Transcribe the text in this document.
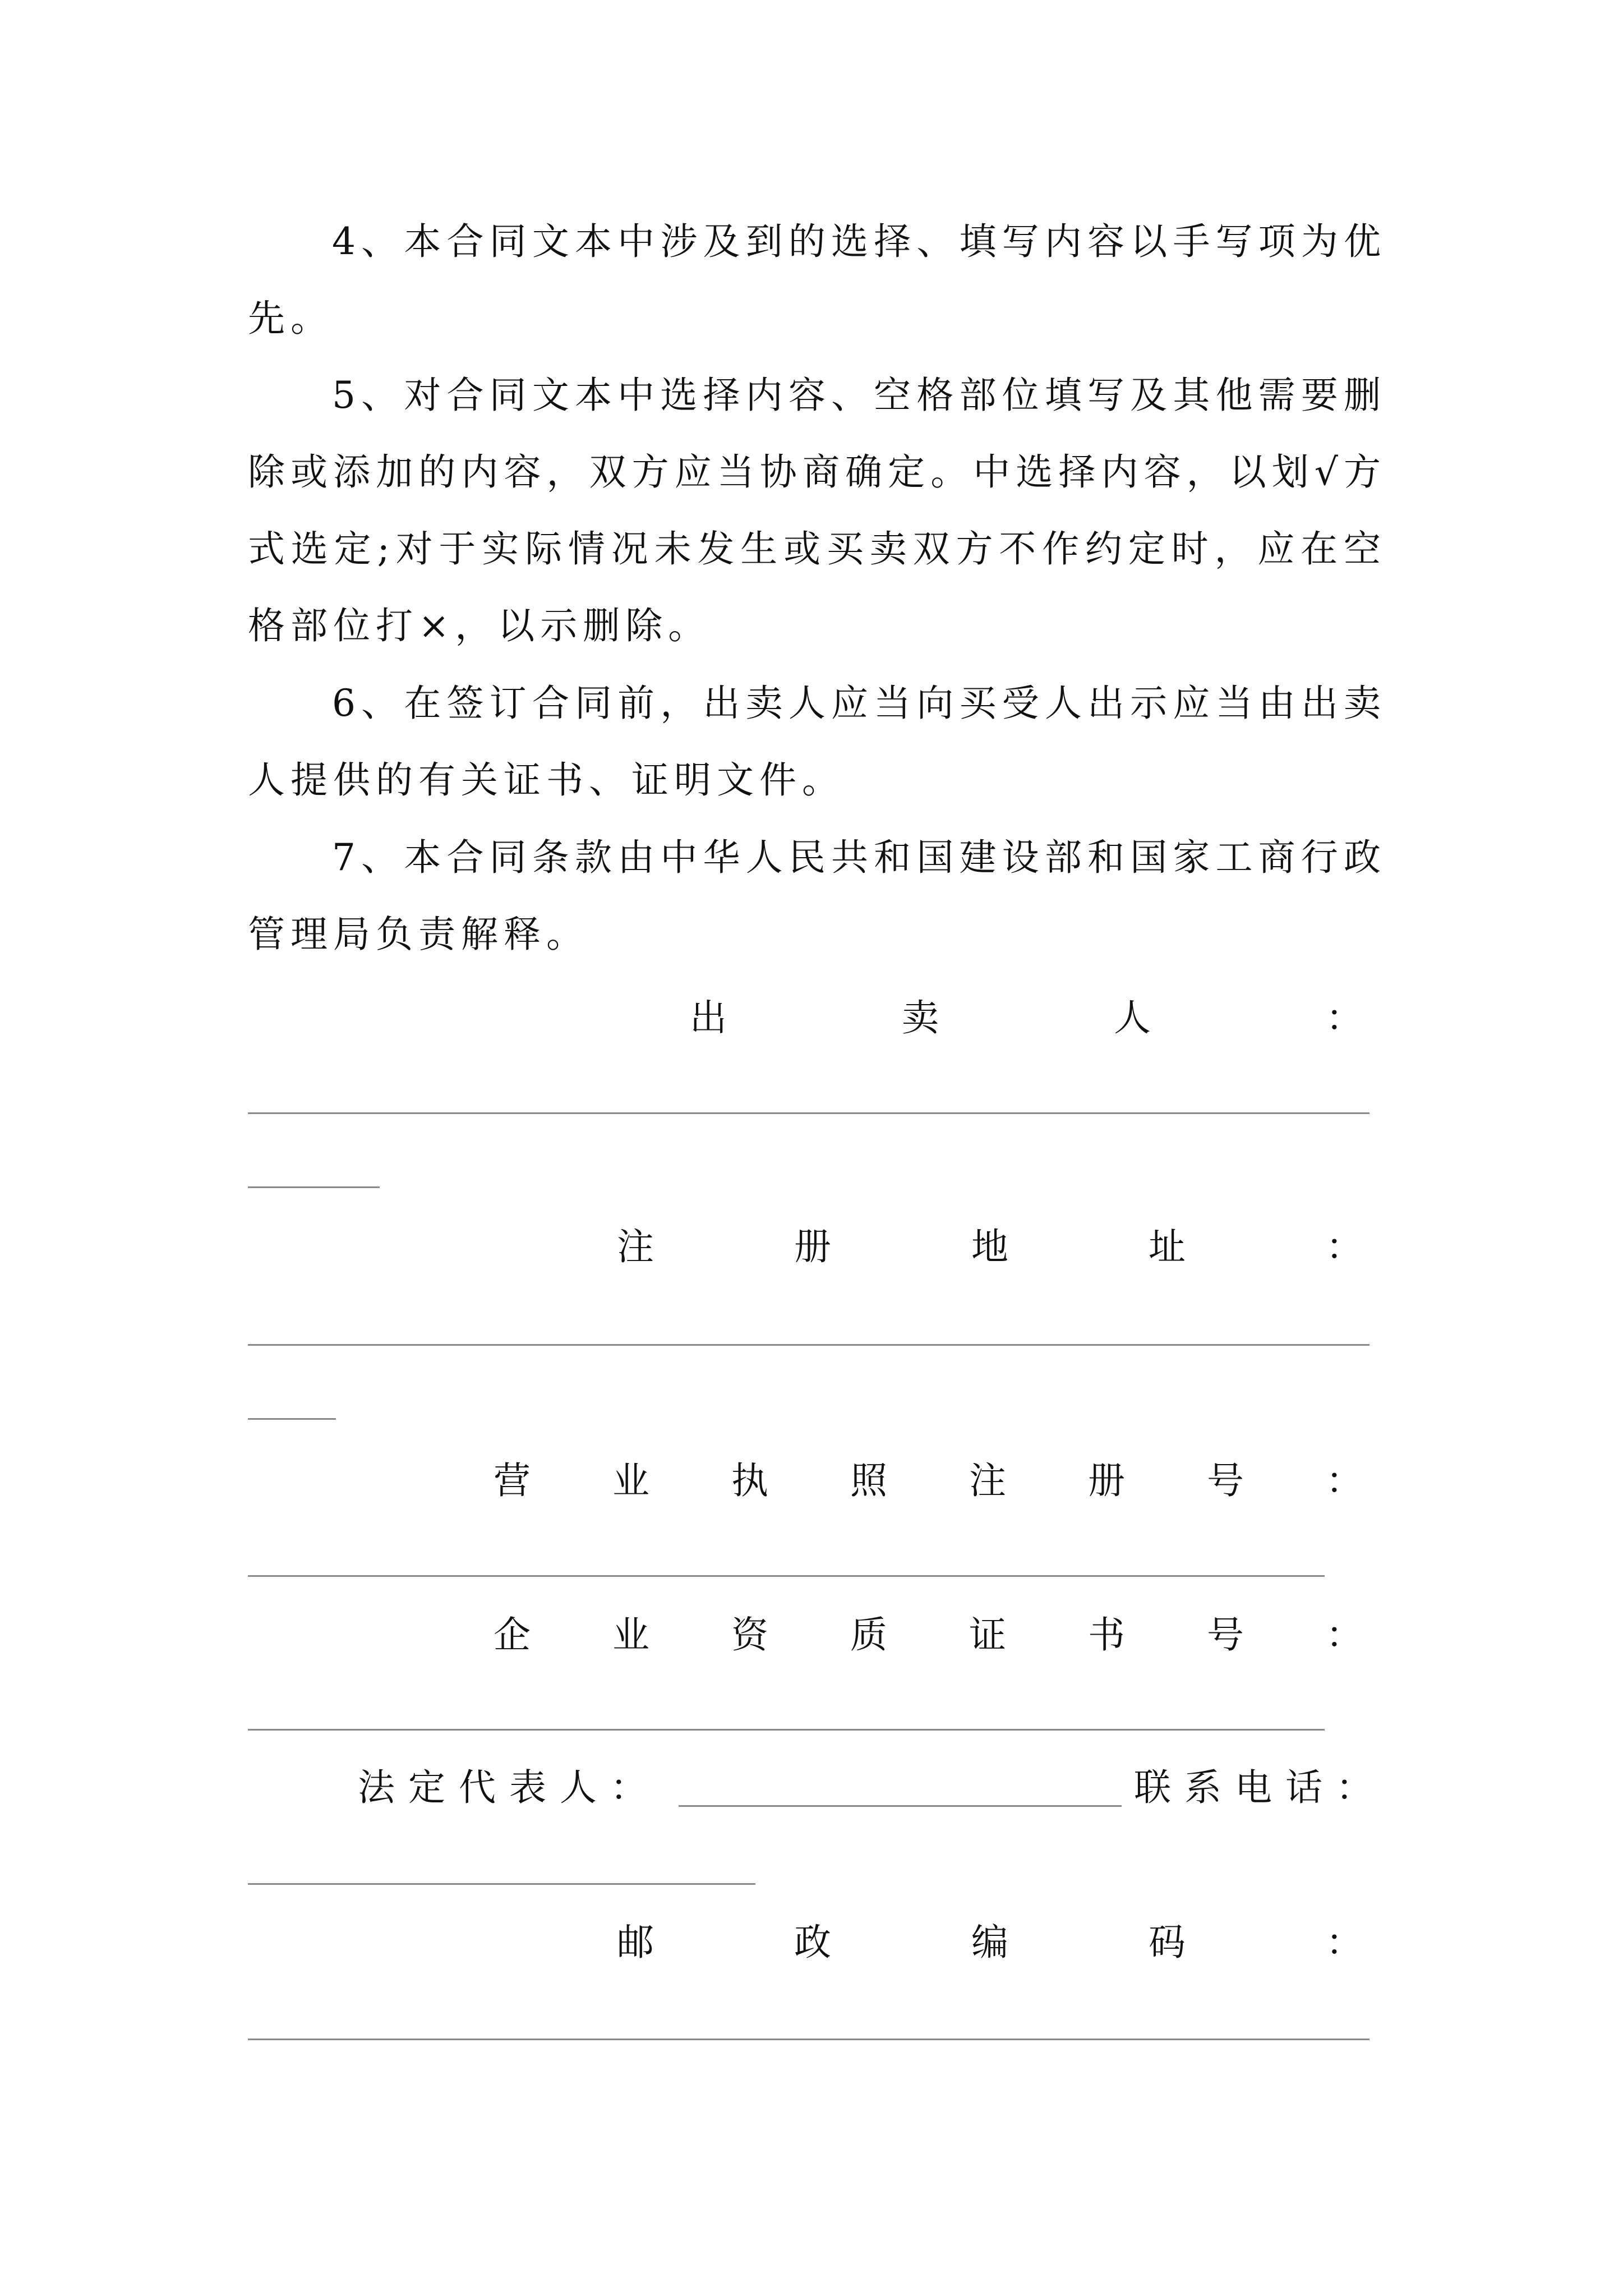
4、本合同文本中涉及到的选择、填写内容以手写项为优先。

5、对合同文本中选择内容、空格部位填写及其他需要删除或添加的内容，双方应当协商确定。中选择内容，以划√方式选定;对于实际情况未发生或买卖双方不作约定时，应在空格部位打×，以示删除。

6、在签订合同前，出卖人应当向买受人出示应当由出卖人提供的有关证书、证明文件。

7、本合同条款由中华人民共和国建设部和国家工商行政管理局负责解释。

出	卖	人	：
注	册	地	址	：
营 业 执 照 注 册 号 ：
企 业 资 质 证 书 号 ：
法定代表人：	联系电话：
邮	政	编	码	：
